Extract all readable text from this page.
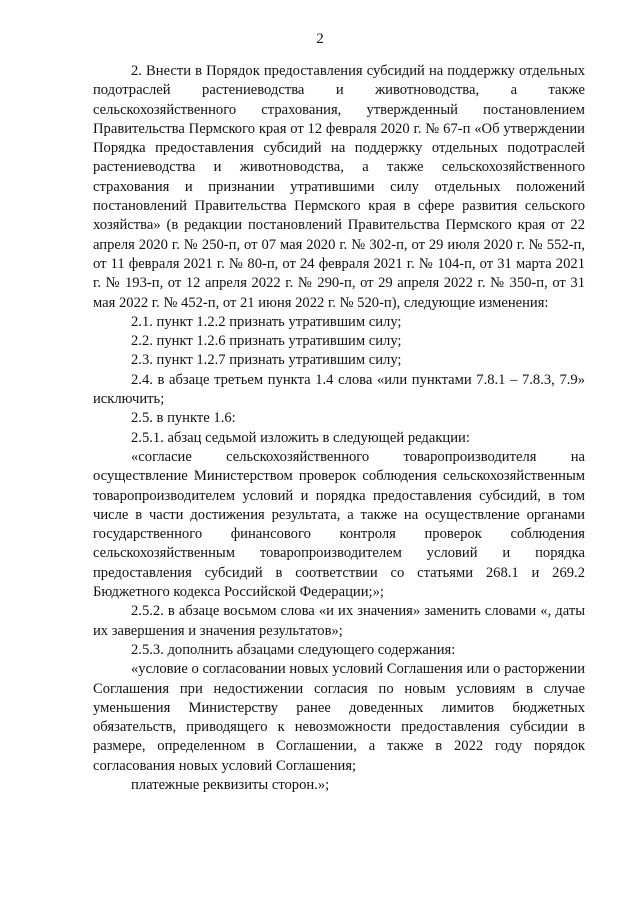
2

2. Внести в Порядок предоставления субсидий на поддержку отдельных подотраслей растениеводства и животноводства, а также сельскохозяйственного страхования, утвержденный постановлением Правительства Пермского края от 12 февраля 2020 г. № 67-п «Об утверждении Порядка предоставления субсидий на поддержку отдельных подотраслей растениеводства и животноводства, а также сельскохозяйственного страхования и признании утратившими силу отдельных положений постановлений Правительства Пермского края в сфере развития сельского хозяйства» (в редакции постановлений Правительства Пермского края от 22 апреля 2020 г. № 250-п, от 07 мая 2020 г. № 302-п, от 29 июля 2020 г. № 552-п, от 11 февраля 2021 г. № 80-п, от 24 февраля 2021 г. № 104-п, от 31 марта 2021 г. № 193-п, от 12 апреля 2022 г. № 290-п, от 29 апреля 2022 г. № 350-п, от 31 мая 2022 г. № 452-п, от 21 июня 2022 г. № 520-п), следующие изменения:

2.1. пункт 1.2.2 признать утратившим силу;

2.2. пункт 1.2.6 признать утратившим силу;

2.3. пункт 1.2.7 признать утратившим силу;

2.4. в абзаце третьем пункта 1.4 слова «или пунктами 7.8.1 – 7.8.3, 7.9» исключить;

2.5. в пункте 1.6:

2.5.1. абзац седьмой изложить в следующей редакции:

«согласие сельскохозяйственного товаропроизводителя на осуществление Министерством проверок соблюдения сельскохозяйственным товаропроизводителем условий и порядка предоставления субсидий, в том числе в части достижения результата, а также на осуществление органами государственного финансового контроля проверок соблюдения сельскохозяйственным товаропроизводителем условий и порядка предоставления субсидий в соответствии со статьями 268.1 и 269.2 Бюджетного кодекса Российской Федерации;»;

2.5.2. в абзаце восьмом слова «и их значения» заменить словами «, даты их завершения и значения результатов»;

2.5.3. дополнить абзацами следующего содержания:

«условие о согласовании новых условий Соглашения или о расторжении Соглашения при недостижении согласия по новым условиям в случае уменьшения Министерству ранее доведенных лимитов бюджетных обязательств, приводящего к невозможности предоставления субсидии в размере, определенном в Соглашении, а также в 2022 году порядок согласования новых условий Соглашения;

платежные реквизиты сторон.»;
